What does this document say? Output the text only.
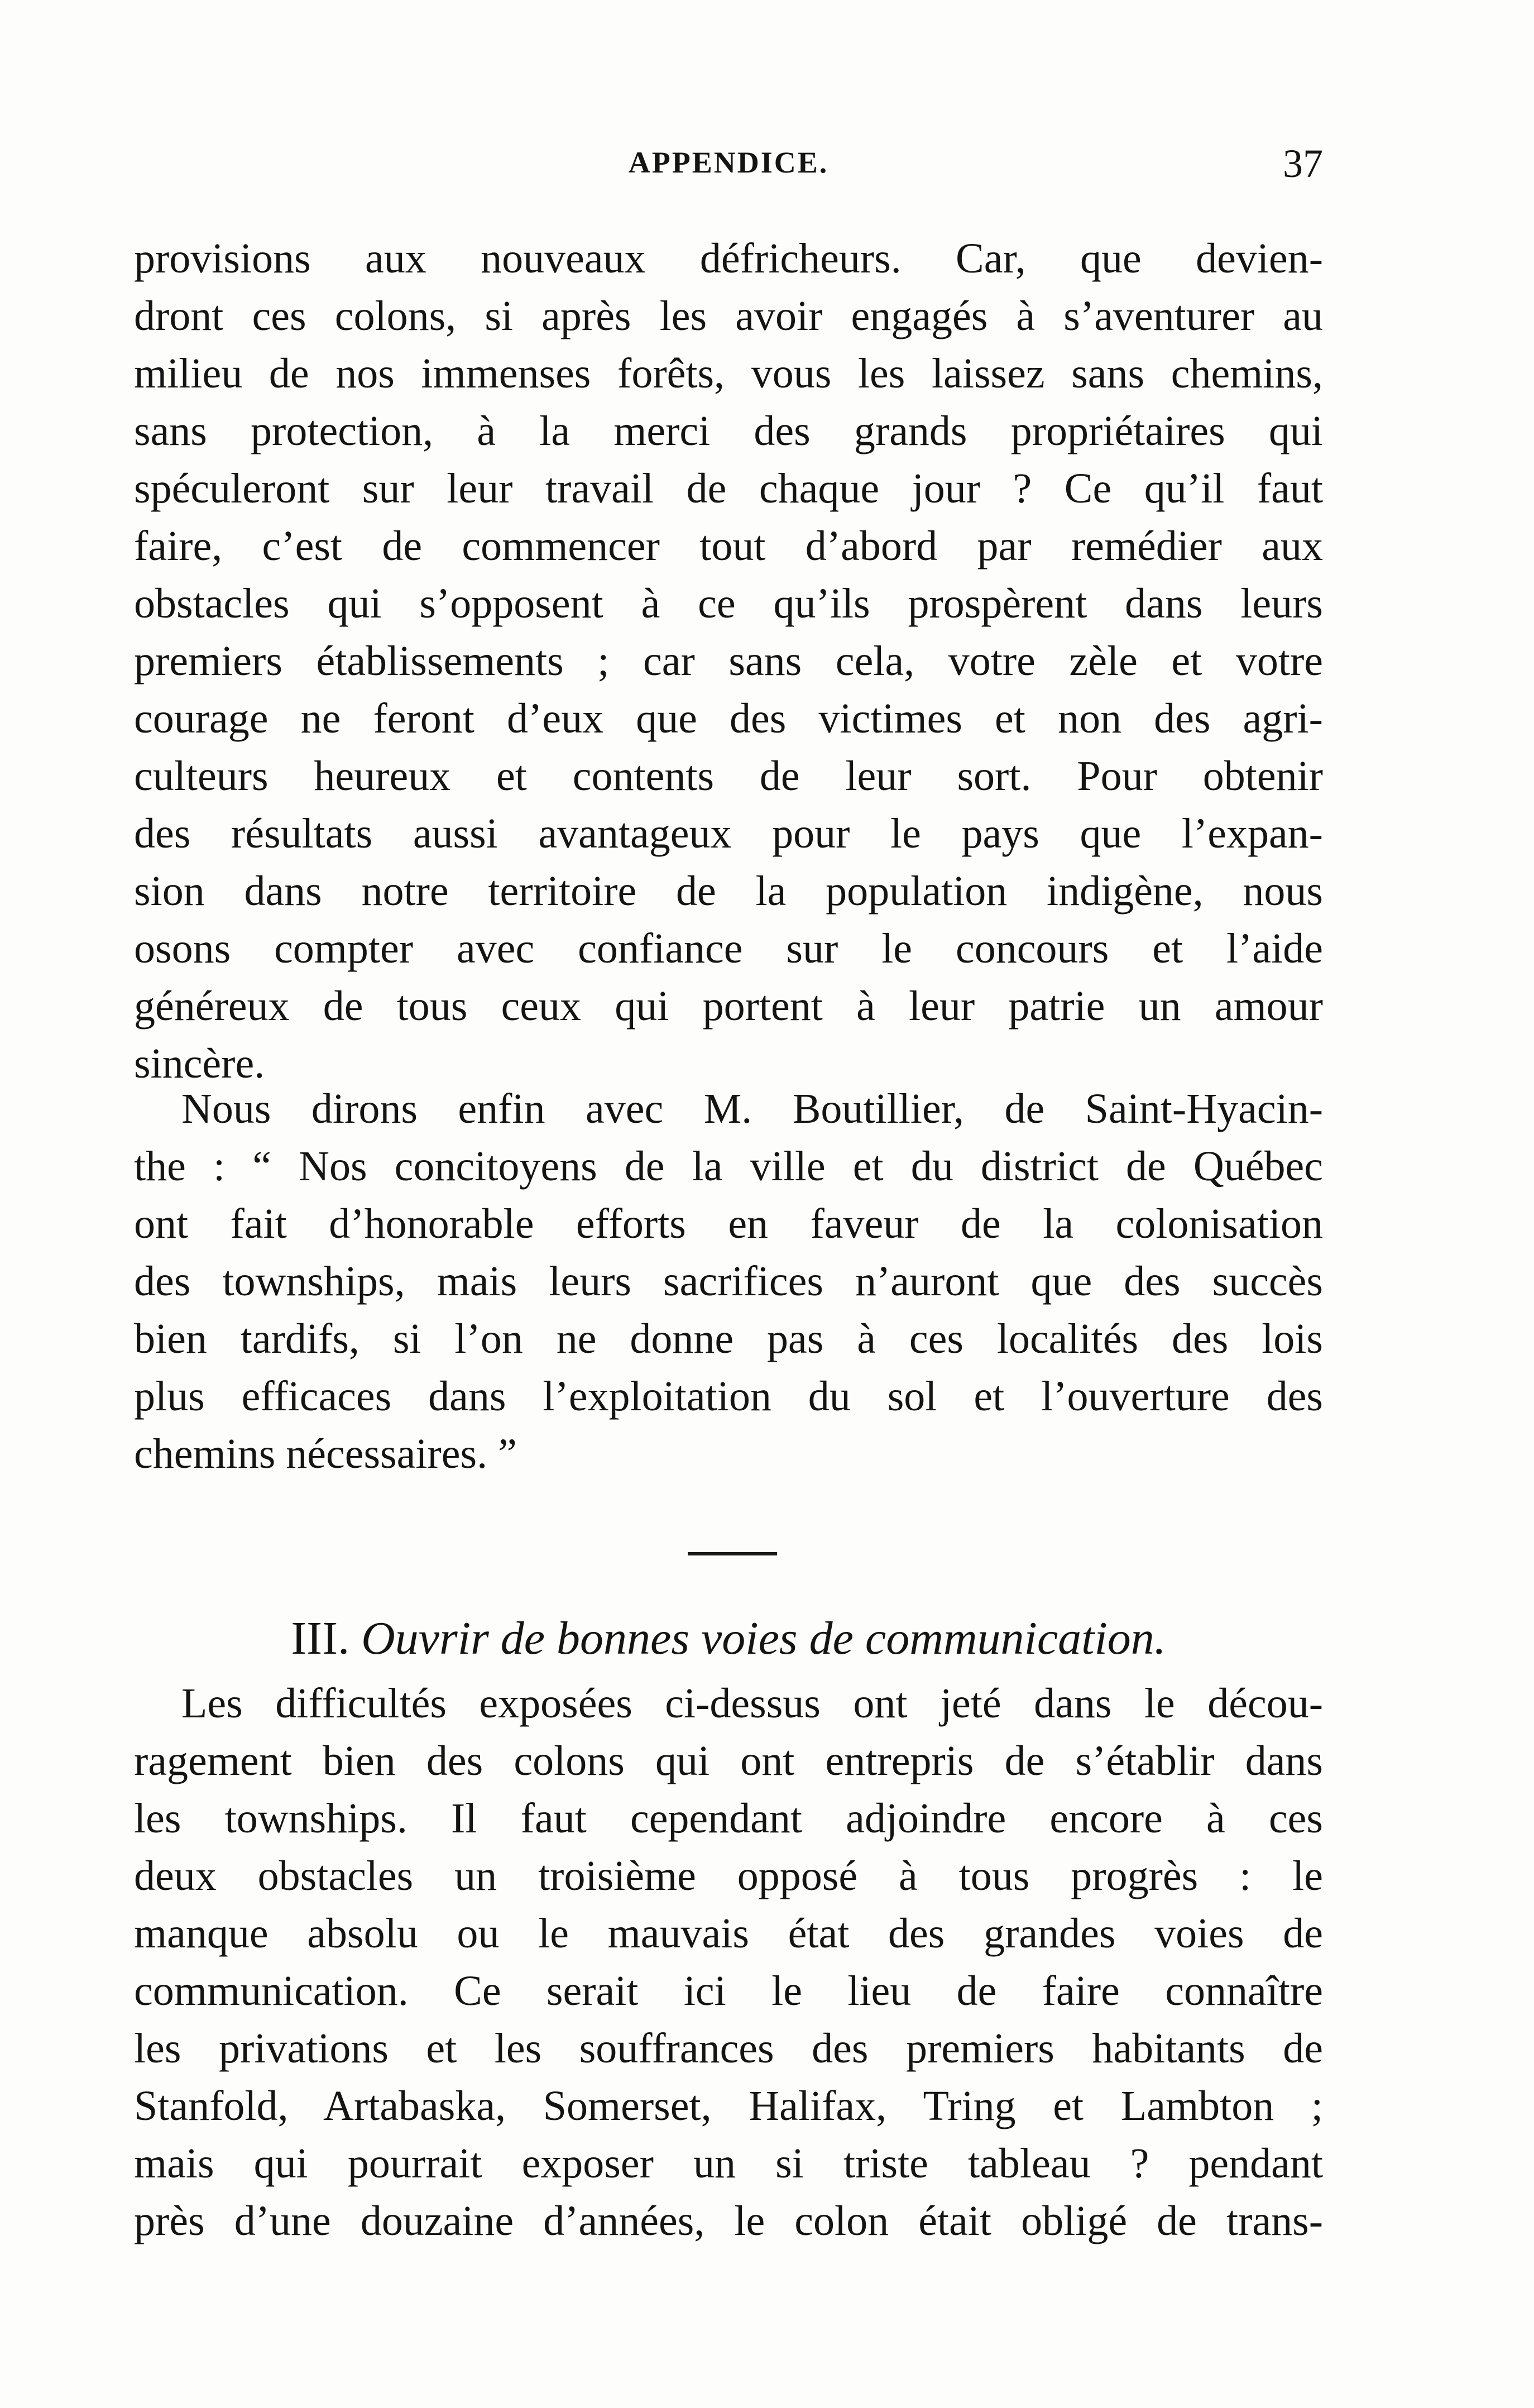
APPENDICE.	37
provisions aux nouveaux défricheurs. Car, que devien-
dront ces colons, si après les avoir engagés à s’aventurer au
milieu de nos immenses forêts, vous les laissez sans chemins,
sans protection, à la merci des grands propriétaires qui
spéculeront sur leur travail de chaque jour ? Ce qu’il faut
faire, c’est de commencer tout d’abord par remédier aux
obstacles qui s’opposent à ce qu’ils prospèrent dans leurs
premiers établissements ; car sans cela, votre zèle et votre
courage ne feront d’eux que des victimes et non des agri-
culteurs heureux et contents de leur sort. Pour obtenir
des résultats aussi avantageux pour le pays que l’expan-
sion dans notre territoire de la population indigène, nous
osons compter avec confiance sur le concours et l’aide
généreux de tous ceux qui portent à leur patrie un amour
sincère.
Nous dirons enfin avec M. Boutillier, de Saint-Hyacin-
the : “ Nos concitoyens de la ville et du district de Québec
ont fait d’honorable efforts en faveur de la colonisation
des townships, mais leurs sacrifices n’auront que des succès
bien tardifs, si l’on ne donne pas à ces localités des lois
plus efficaces dans l’exploitation du sol et l’ouverture des
chemins nécessaires. ”
III. Ouvrir de bonnes voies de communication.
Les difficultés exposées ci-dessus ont jeté dans le décou-
ragement bien des colons qui ont entrepris de s’établir dans
les townships. Il faut cependant adjoindre encore à ces
deux obstacles un troisième opposé à tous progrès : le
manque absolu ou le mauvais état des grandes voies de
communication. Ce serait ici le lieu de faire connaître
les privations et les souffrances des premiers habitants de
Stanfold, Artabaska, Somerset, Halifax, Tring et Lambton ;
mais qui pourrait exposer un si triste tableau ? pendant
près d’une douzaine d’années, le colon était obligé de trans-
